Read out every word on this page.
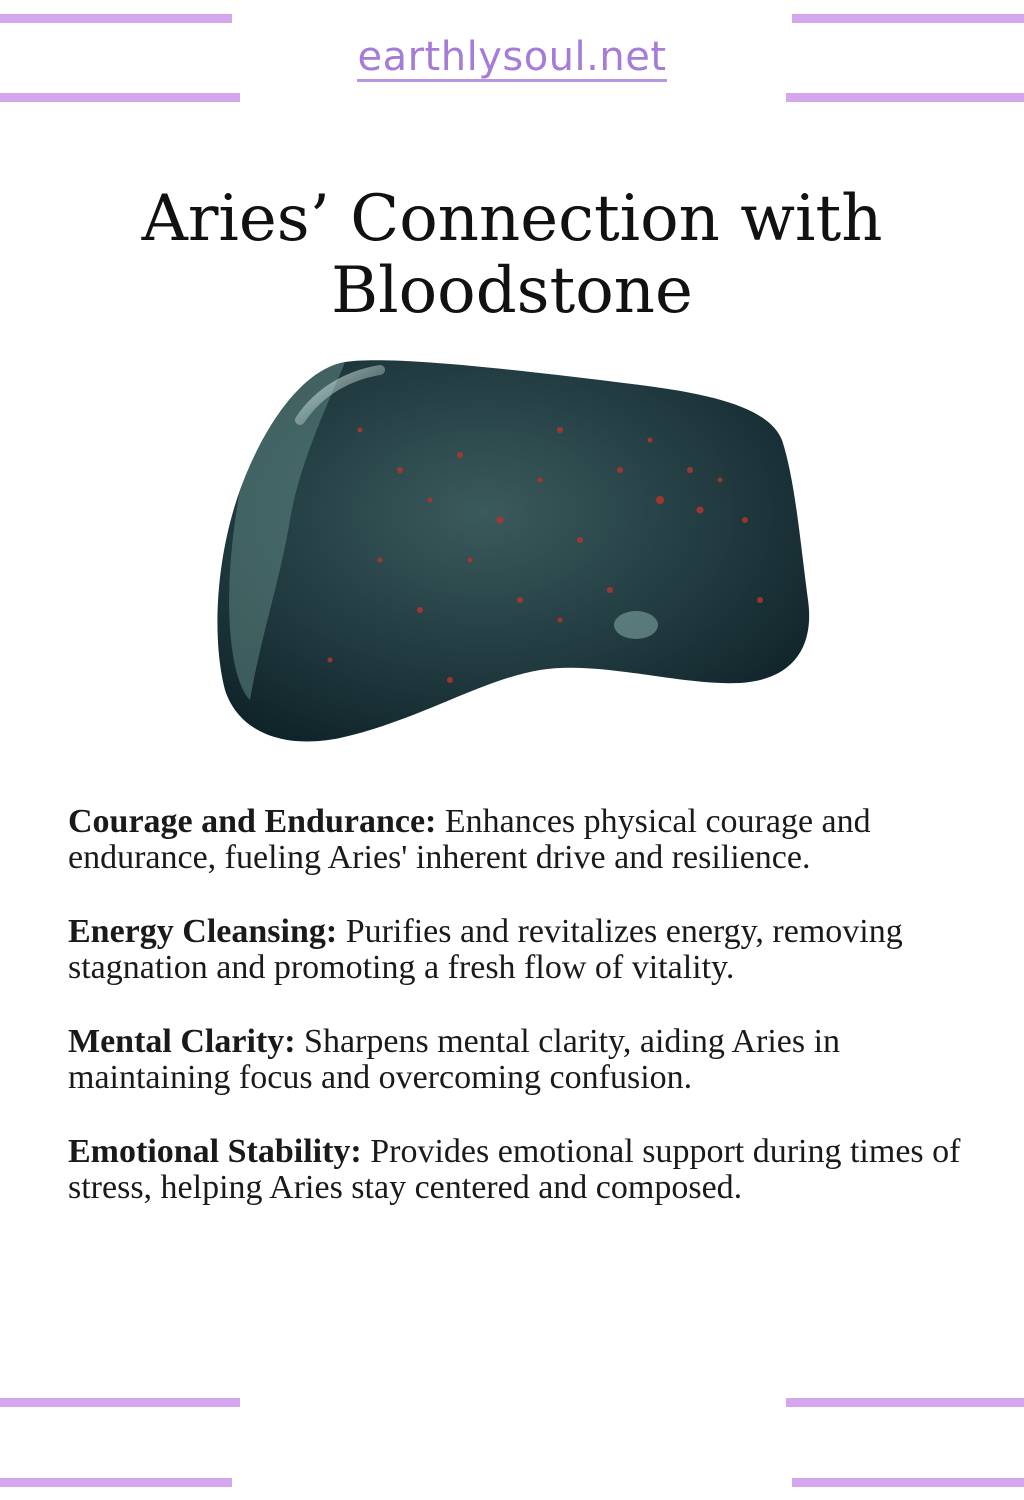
earthlysoul.net
Aries’ Connection with Bloodstone

Courage and Endurance: Enhances physical courage and endurance, fueling Aries' inherent drive and resilience.

Energy Cleansing: Purifies and revitalizes energy, removing stagnation and promoting a fresh flow of vitality.

Mental Clarity: Sharpens mental clarity, aiding Aries in maintaining focus and overcoming confusion.

Emotional Stability: Provides emotional support during times of stress, helping Aries stay centered and composed.
